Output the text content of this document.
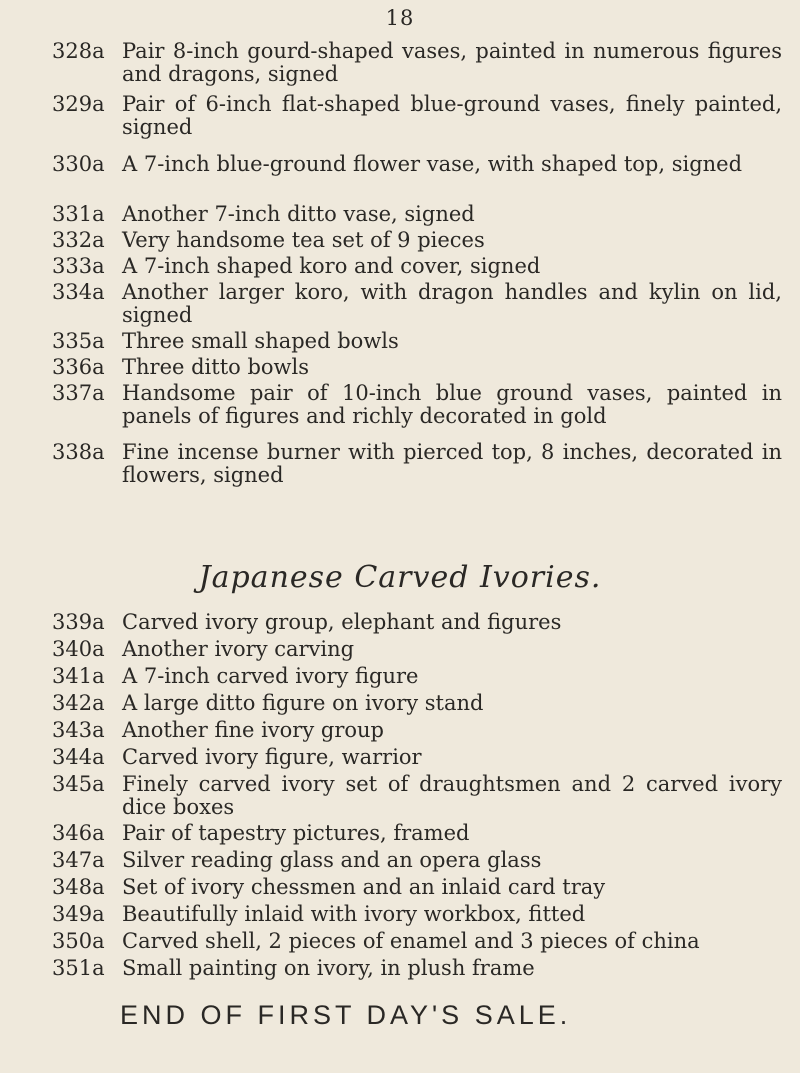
18
328a Pair 8-inch gourd-shaped vases, painted in numerous figures and dragons, signed
329a Pair of 6-inch flat-shaped blue-ground vases, finely painted, signed
330a A 7-inch blue-ground flower vase, with shaped top, signed
331a Another 7-inch ditto vase, signed
332a Very handsome tea set of 9 pieces
333a A 7-inch shaped koro and cover, signed
334a Another larger koro, with dragon handles and kylin on lid, signed
335a Three small shaped bowls
336a Three ditto bowls
337a Handsome pair of 10-inch blue ground vases, painted in panels of figures and richly decorated in gold
338a Fine incense burner with pierced top, 8 inches, decorated in flowers, signed
Japanese Carved Ivories.
339a Carved ivory group, elephant and figures
340a Another ivory carving
341a A 7-inch carved ivory figure
342a A large ditto figure on ivory stand
343a Another fine ivory group
344a Carved ivory figure, warrior
345a Finely carved ivory set of draughtsmen and 2 carved ivory dice boxes
346a Pair of tapestry pictures, framed
347a Silver reading glass and an opera glass
348a Set of ivory chessmen and an inlaid card tray
349a Beautifully inlaid with ivory workbox, fitted
350a Carved shell, 2 pieces of enamel and 3 pieces of china
351a Small painting on ivory, in plush frame
END OF FIRST DAY'S SALE.
